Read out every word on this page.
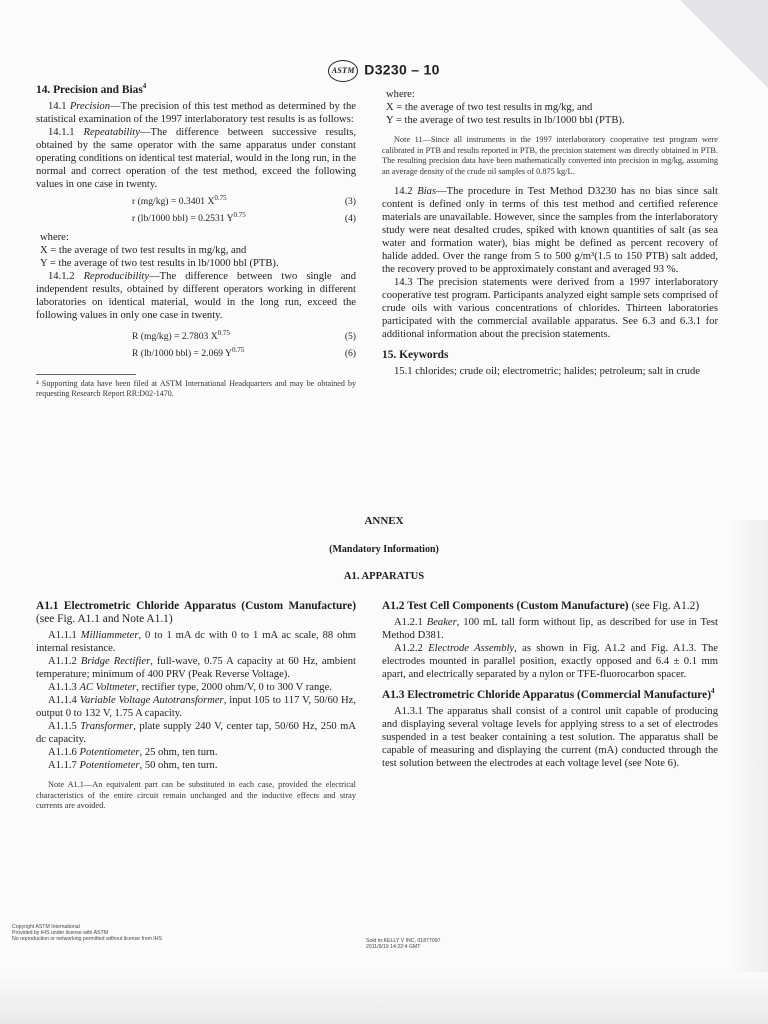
ASTM D3230 – 10

14. Precision and Bias$^4$

14.1 Precision—The precision of this test method as determined by the statistical examination of the 1997 interlaboratory test results is as follows:

14.1.1 Repeatability—The difference between successive results, obtained by the same operator with the same apparatus under constant operating conditions on identical test material, would in the long run, in the normal and correct operation of the test method, exceed the following values in one case in twenty.

r (mg/kg) = 0.3401 $X^{0.75}$	(3)
r (lb/1000 bbl) = 0.2531 $Y^{0.75}$	(4)
where:
X = the average of two test results in mg/kg, and
Y = the average of two test results in lb/1000 bbl (PTB).

14.1.2 Reproducibility—The difference between two single and independent results, obtained by different operators working in different laboratories on identical material, would in the long run, exceed the following values in only one case in twenty.

R (mg/kg) = 2.7803 $X^{0.75}$	(5)
R (lb/1000 bbl) = 2.069 $Y^{0.75}$	(6)

⁴ Supporting data have been filed at ASTM International Headquarters and may be obtained by requesting Research Report RR:D02-1470.

where:
X = the average of two test results in mg/kg, and
Y = the average of two test results in lb/1000 bbl (PTB).

Note 11—Since all instruments in the 1997 interlaboratory cooperative test program were calibrated in PTB and results reported in PTB, the precision statement was directly obtained in PTB. The resulting precision data have been mathematically converted into precision in mg/kg, assuming an average density of the crude oil samples of 0.875 kg/L.

14.2 Bias—The procedure in Test Method D3230 has no bias since salt content is defined only in terms of this test method and certified reference materials are unavailable. However, since the samples from the interlaboratory study were neat desalted crudes, spiked with known quantities of salt (as sea water and formation water), bias might be defined as percent recovery of halide added. Over the range from 5 to 500 g/m³(1.5 to 150 PTB) salt added, the recovery proved to be approximately constant and averaged 93 %.

14.3 The precision statements were derived from a 1997 interlaboratory cooperative test program. Participants analyzed eight sample sets comprised of crude oils with various concentrations of chlorides. Thirteen laboratories participated with the commercial available apparatus. See 6.3 and 6.3.1 for additional information about the precision statements.

15. Keywords

15.1 chlorides; crude oil; electrometric; halides; petroleum; salt in crude

ANNEX
(Mandatory Information)
A1. APPARATUS

A1.1 Electrometric Chloride Apparatus (Custom Manufacture) (see Fig. A1.1 and Note A1.1)

A1.1.1 Milliammeter, 0 to 1 mA dc with 0 to 1 mA ac scale, 88 ohm internal resistance.

A1.1.2 Bridge Rectifier, full-wave, 0.75 A capacity at 60 Hz, ambient temperature; minimum of 400 PRV (Peak Reverse Voltage).

A1.1.3 AC Voltmeter, rectifier type, 2000 ohm/V, 0 to 300 V range.

A1.1.4 Variable Voltage Autotransformer, input 105 to 117 V, 50/60 Hz, output 0 to 132 V, 1.75 A capacity.

A1.1.5 Transformer, plate supply 240 V, center tap, 50/60 Hz, 250 mA dc capacity.

A1.1.6 Potentiometer, 25 ohm, ten turn.

A1.1.7 Potentiometer, 50 ohm, ten turn.

Note A1.1—An equivalent part can be substituted in each case, provided the electrical characteristics of the entire circuit remain unchanged and the inductive effects and stray currents are avoided.

A1.2 Test Cell Components (Custom Manufacture) (see Fig. A1.2)

A1.2.1 Beaker, 100 mL tall form without lip, as described for use in Test Method D381.

A1.2.2 Electrode Assembly, as shown in Fig. A1.2 and Fig. A1.3. The electrodes mounted in parallel position, exactly opposed and 6.4 ± 0.1 mm apart, and electrically separated by a nylon or TFE-fluorocarbon spacer.

A1.3 Electrometric Chloride Apparatus (Commercial Manufacture)$^4$

A1.3.1 The apparatus shall consist of a control unit capable of producing and displaying several voltage levels for applying stress to a set of electrodes suspended in a test beaker containing a test solution. The apparatus shall be capable of measuring and displaying the current (mA) conducted through the test solution between the electrodes at each voltage level (see Note 6).

Copyright ASTM International
Provided by IHS under license with ASTM
No reproduction or networking permitted without license from IHS	Sold to:KELLY V INC, 01877097
2011/9/19 14:22:4 GMT
